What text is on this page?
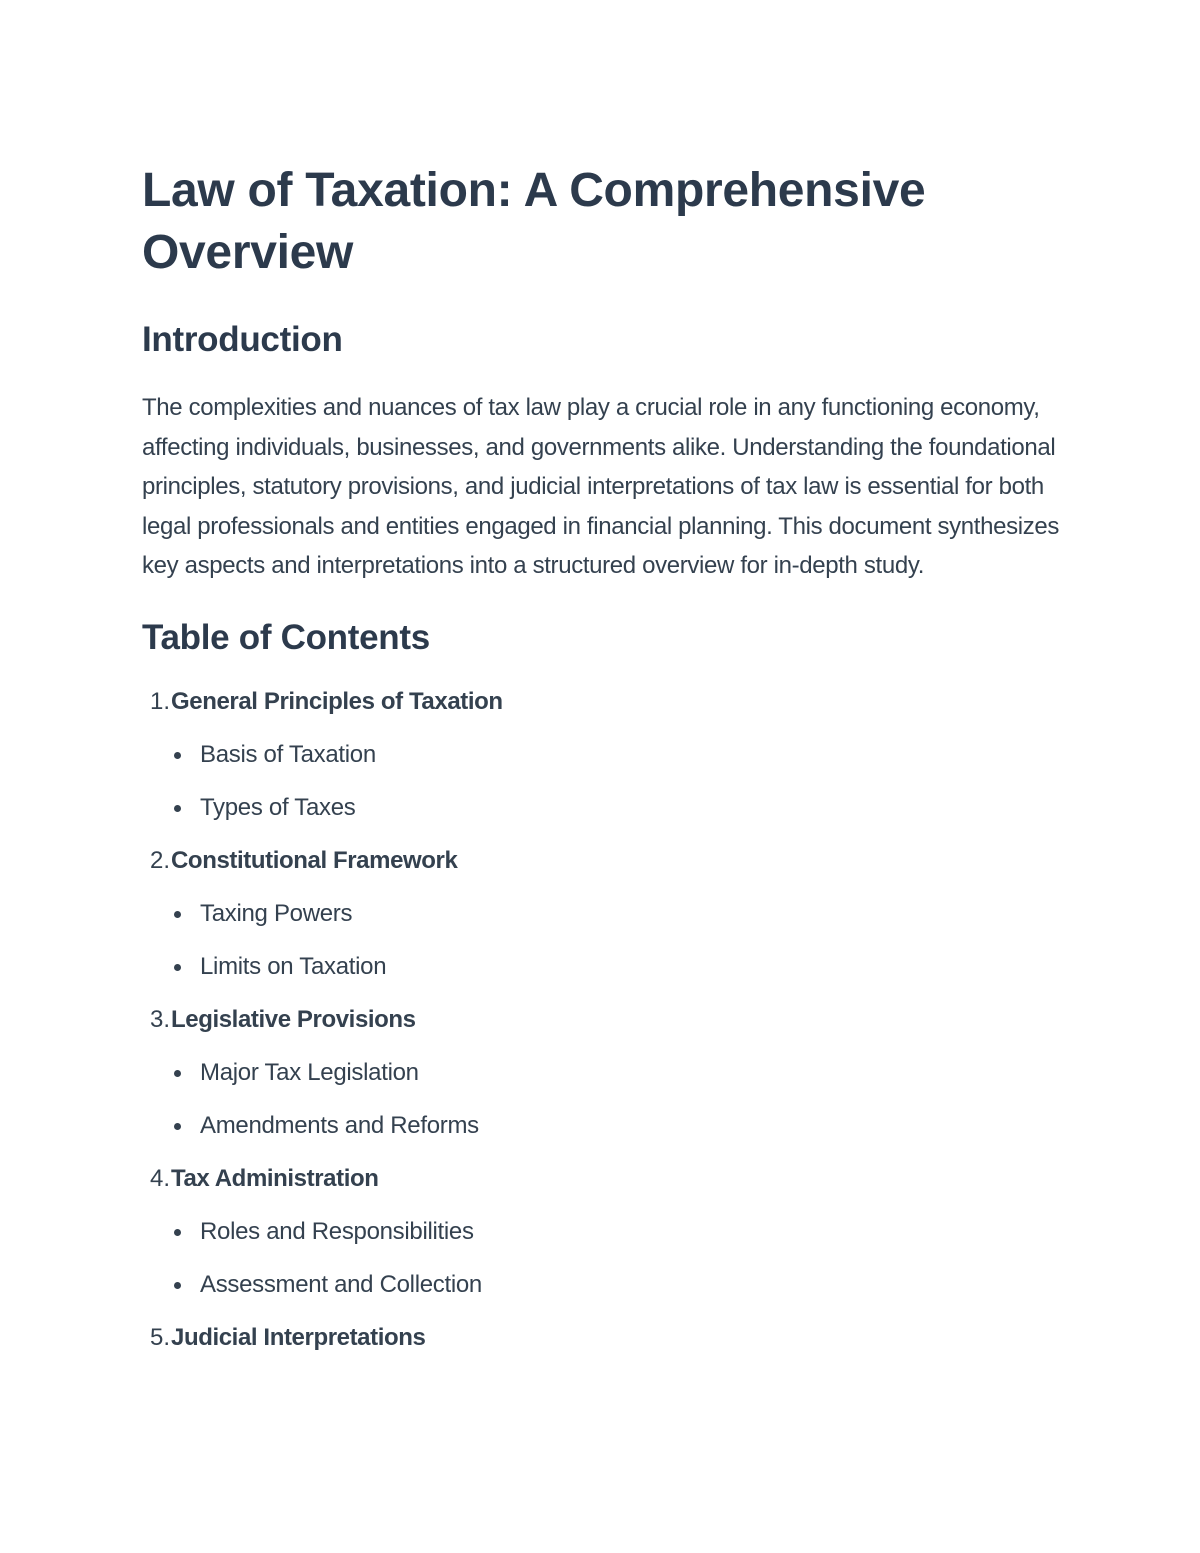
Law of Taxation: A Comprehensive Overview
Introduction

The complexities and nuances of tax law play a crucial role in any functioning economy, affecting individuals, businesses, and governments alike. Understanding the foundational principles, statutory provisions, and judicial interpretations of tax law is essential for both legal professionals and entities engaged in financial planning. This document synthesizes key aspects and interpretations into a structured overview for in-depth study.

Table of Contents
1. General Principles of Taxation
Basis of Taxation
Types of Taxes
2. Constitutional Framework
Taxing Powers
Limits on Taxation
3. Legislative Provisions
Major Tax Legislation
Amendments and Reforms
4. Tax Administration
Roles and Responsibilities
Assessment and Collection
5. Judicial Interpretations
